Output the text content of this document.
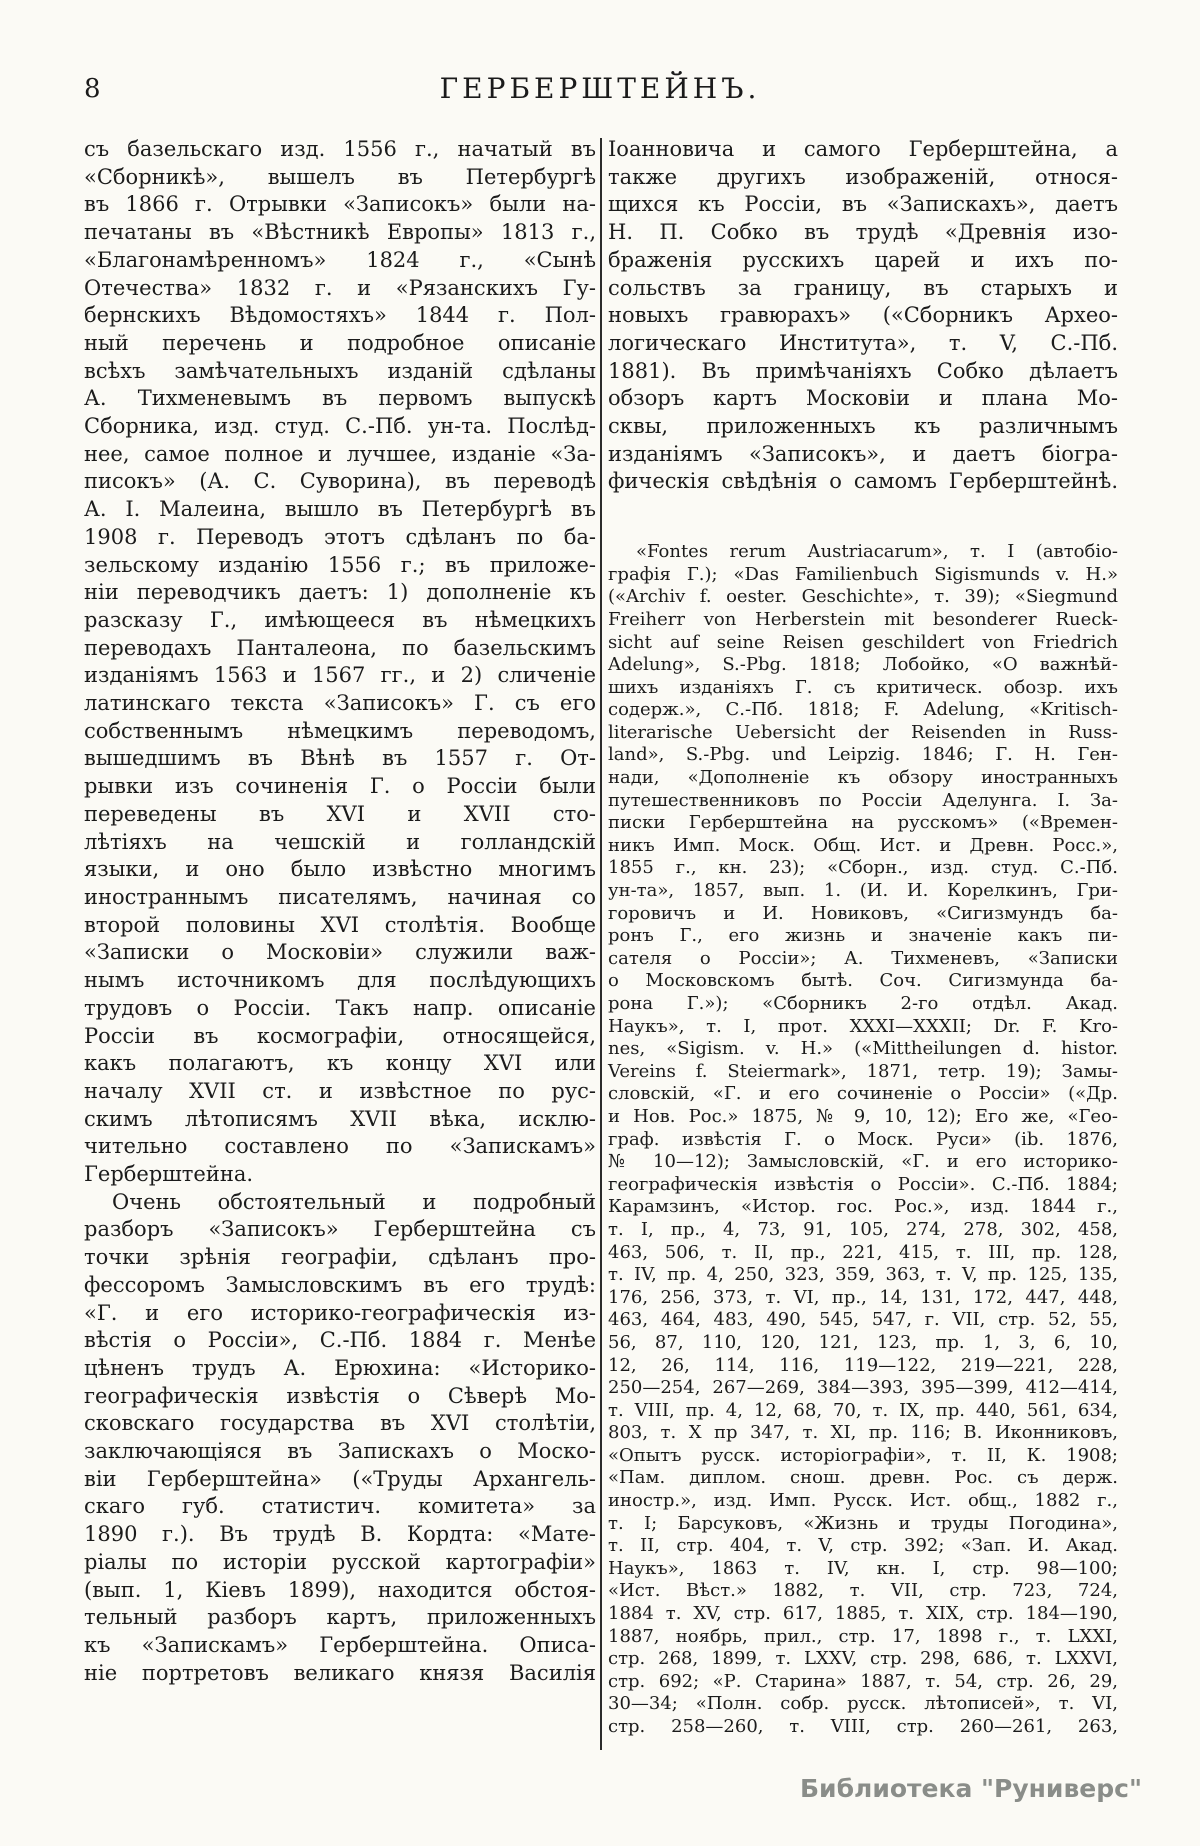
8	ГЕРБЕРШТЕЙНЪ.
съ базельскаго изд. 1556 г., начатый въ
«Сборникѣ», вышелъ въ Петербургѣ
въ 1866 г. Отрывки «Записокъ» были на-
печатаны въ «Вѣстникѣ Европы» 1813 г.,
«Благонамѣренномъ» 1824 г., «Сынѣ
Отечества» 1832 г. и «Рязанскихъ Гу-
бернскихъ Вѣдомостяхъ» 1844 г. Пол-
ный перечень и подробное описаніе
всѣхъ замѣчательныхъ изданій сдѣланы
А. Тихменевымъ въ первомъ выпускѣ
Сборника, изд. студ. С.-Пб. ун-та. Послѣд-
нее, самое полное и лучшее, изданіе «За-
писокъ» (А. С. Суворина), въ переводѣ
А. І. Малеина, вышло въ Петербургѣ въ
1908 г. Переводъ этотъ сдѣланъ по ба-
зельскому изданію 1556 г.; въ приложе-
ніи переводчикъ даетъ: 1) дополненіе къ
разсказу Г., имѣющееся въ нѣмецкихъ
переводахъ Панталеона, по базельскимъ
изданіямъ 1563 и 1567 гг., и 2) сличеніе
латинскаго текста «Записокъ» Г. съ его
собственнымъ нѣмецкимъ переводомъ,
вышедшимъ въ Вѣнѣ въ 1557 г. От-
рывки изъ сочиненія Г. о Россіи были
переведены въ XVI и XVII сто-
лѣтіяхъ на чешскій и голландскій
языки, и оно было извѣстно многимъ
иностраннымъ писателямъ, начиная со
второй половины XVI столѣтія. Вообще
«Записки о Московіи» служили важ-
нымъ источникомъ для послѣдующихъ
трудовъ о Россіи. Такъ напр. описаніе
Россіи въ космографіи, относящейся,
какъ полагаютъ, къ концу XVI или
началу XVII ст. и извѣстное по рус-
скимъ лѣтописямъ XVII вѣка, исклю-
чительно составлено по «Запискамъ»
Герберштейна.
Очень обстоятельный и подробный
разборъ «Записокъ» Герберштейна съ
точки зрѣнія географіи, сдѣланъ про-
фессоромъ Замысловскимъ въ его трудѣ:
«Г. и его историко-географическія из-
вѣстія о Россіи», С.-Пб. 1884 г. Менѣе
цѣненъ трудъ А. Ерюхина: «Историко-
географическія извѣстія о Сѣверѣ Мо-
сковскаго государства въ XVI столѣтіи,
заключающіяся въ Запискахъ о Моско-
віи Герберштейна» («Труды Архангель-
скаго губ. статистич. комитета» за
1890 г.). Въ трудѣ В. Кордта: «Мате-
ріалы по исторіи русской картографіи»
(вып. 1, Кіевъ 1899), находится обстоя-
тельный разборъ картъ, приложенныхъ
къ «Запискамъ» Герберштейна. Описа-
ніе портретовъ великаго князя Василія
Іоанновича и самого Герберштейна, а
также другихъ изображеній, относя-
щихся къ Россіи, въ «Запискахъ», даетъ
Н. П. Собко въ трудѣ «Древнія изо-
браженія русскихъ царей и ихъ по-
сольствъ за границу, въ старыхъ и
новыхъ гравюрахъ» («Сборникъ Архео-
логическаго Института», т. V, С.-Пб.
1881). Въ примѣчаніяхъ Собко дѣлаетъ
обзоръ картъ Московіи и плана Мо-
сквы, приложенныхъ къ различнымъ
изданіямъ «Записокъ», и даетъ біогра-
фическія свѣдѣнія о самомъ Герберштейнѣ.
«Fontes rerum Austriacarum», т. I (автобіо-
графія Г.); «Das Familienbuch Sigismunds v. H.»
(«Archiv f. oester. Geschichte», т. 39); «Siegmund
Freiherr von Herberstein mit besonderer Rueck-
sicht auf seine Reisen geschildert von Friedrich
Adelung», S.-Pbg. 1818; Лобойко, «О важнѣй-
шихъ изданіяхъ Г. съ критическ. обозр. ихъ
содерж.», С.-Пб. 1818; F. Adelung, «Kritisch-
literarische Uebersicht der Reisenden in Russ-
land», S.-Pbg. und Leipzig. 1846; Г. Н. Ген-
нади, «Дополненіе къ обзору иностранныхъ
путешественниковъ по Россіи Аделунга. I. За-
писки Герберштейна на русскомъ» («Времен-
никъ Имп. Моск. Общ. Ист. и Древн. Росс.»,
1855 г., кн. 23); «Сборн., изд. студ. С.-Пб.
ун-та», 1857, вып. 1. (И. И. Корелкинъ, Гри-
горовичъ и И. Новиковъ, «Сигизмундъ ба-
ронъ Г., его жизнь и значеніе какъ пи-
сателя о Россіи»; А. Тихменевъ, «Записки
о Московскомъ бытѣ. Соч. Сигизмунда ба-
рона Г.»); «Сборникъ 2-го отдѣл. Акад.
Наукъ», т. I, прот. XXXI—XXXII; Dr. F. Kro-
nes, «Sigism. v. H.» («Mittheilungen d. histor.
Vereins f. Steiermark», 1871, тетр. 19); Замы-
словскій, «Г. и его сочиненіе о Россіи» («Др.
и Нов. Рос.» 1875, № 9, 10, 12); Его же, «Гео-
граф. извѣстія Г. о Моск. Руси» (ib. 1876,
№ 10—12); Замысловскій, «Г. и его историко-
географическія извѣстія о Россіи». С.-Пб. 1884;
Карамзинъ, «Истор. гос. Рос.», изд. 1844 г.,
т. I, пр., 4, 73, 91, 105, 274, 278, 302, 458,
463, 506, т. II, пр., 221, 415, т. III, пр. 128,
т. IV, пр. 4, 250, 323, 359, 363, т. V, пр. 125, 135,
176, 256, 373, т. VI, пр., 14, 131, 172, 447, 448,
463, 464, 483, 490, 545, 547, г. VII, стр. 52, 55,
56, 87, 110, 120, 121, 123, пр. 1, 3, 6, 10,
12, 26, 114, 116, 119—122, 219—221, 228,
250—254, 267—269, 384—393, 395—399, 412—414,
т. VIII, пр. 4, 12, 68, 70, т. IX, пр. 440, 561, 634,
803, т. X пр 347, т. XI, пр. 116; В. Иконниковъ,
«Опытъ русск. исторіографіи», т. II, К. 1908;
«Пам. диплом. снош. древн. Рос. съ держ.
иностр.», изд. Имп. Русск. Ист. общ., 1882 г.,
т. I; Барсуковъ, «Жизнь и труды Погодина»,
т. II, стр. 404, т. V, стр. 392; «Зап. И. Акад.
Наукъ», 1863 т. IV, кн. I, стр. 98—100;
«Ист. Вѣст.» 1882, т. VII, стр. 723, 724,
1884 т. XV, стр. 617, 1885, т. XIX, стр. 184—190,
1887, ноябрь, прил., стр. 17, 1898 г., т. LXXI,
стр. 268, 1899, т. LXXV, стр. 298, 686, т. LXXVI,
стр. 692; «Р. Старина» 1887, т. 54, стр. 26, 29,
30—34; «Полн. собр. русск. лѣтописей», т. VI,
стр. 258—260, т. VIII, стр. 260—261, 263,
Библиотека "Руниверс"
